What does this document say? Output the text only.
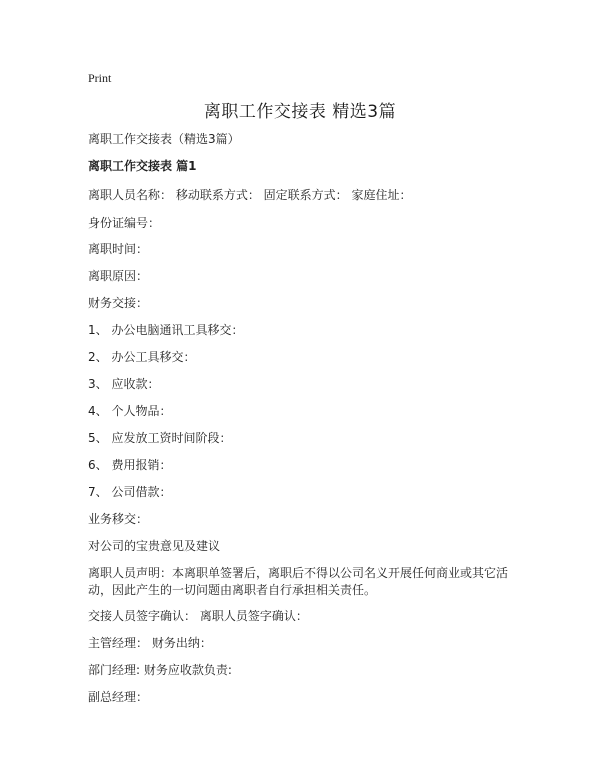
Print
离职工作交接表 精选3篇
离职工作交接表（精选3篇）
离职工作交接表 篇1
离职人员名称： 移动联系方式： 固定联系方式： 家庭住址：
身份证编号：
离职时间：
离职原因：
财务交接：
1、 办公电脑通讯工具移交：
2、 办公工具移交：
3、 应收款：
4、 个人物品：
5、 应发放工资时间阶段：
6、 费用报销：
7、 公司借款：
业务移交：
对公司的宝贵意见及建议
离职人员声明：本离职单签署后，离职后不得以公司名义开展任何商业或其它活动，因此产生的一切问题由离职者自行承担相关责任。
交接人员签字确认： 离职人员签字确认：
主管经理： 财务出纳：
部门经理: 财务应收款负责:
副总经理：
